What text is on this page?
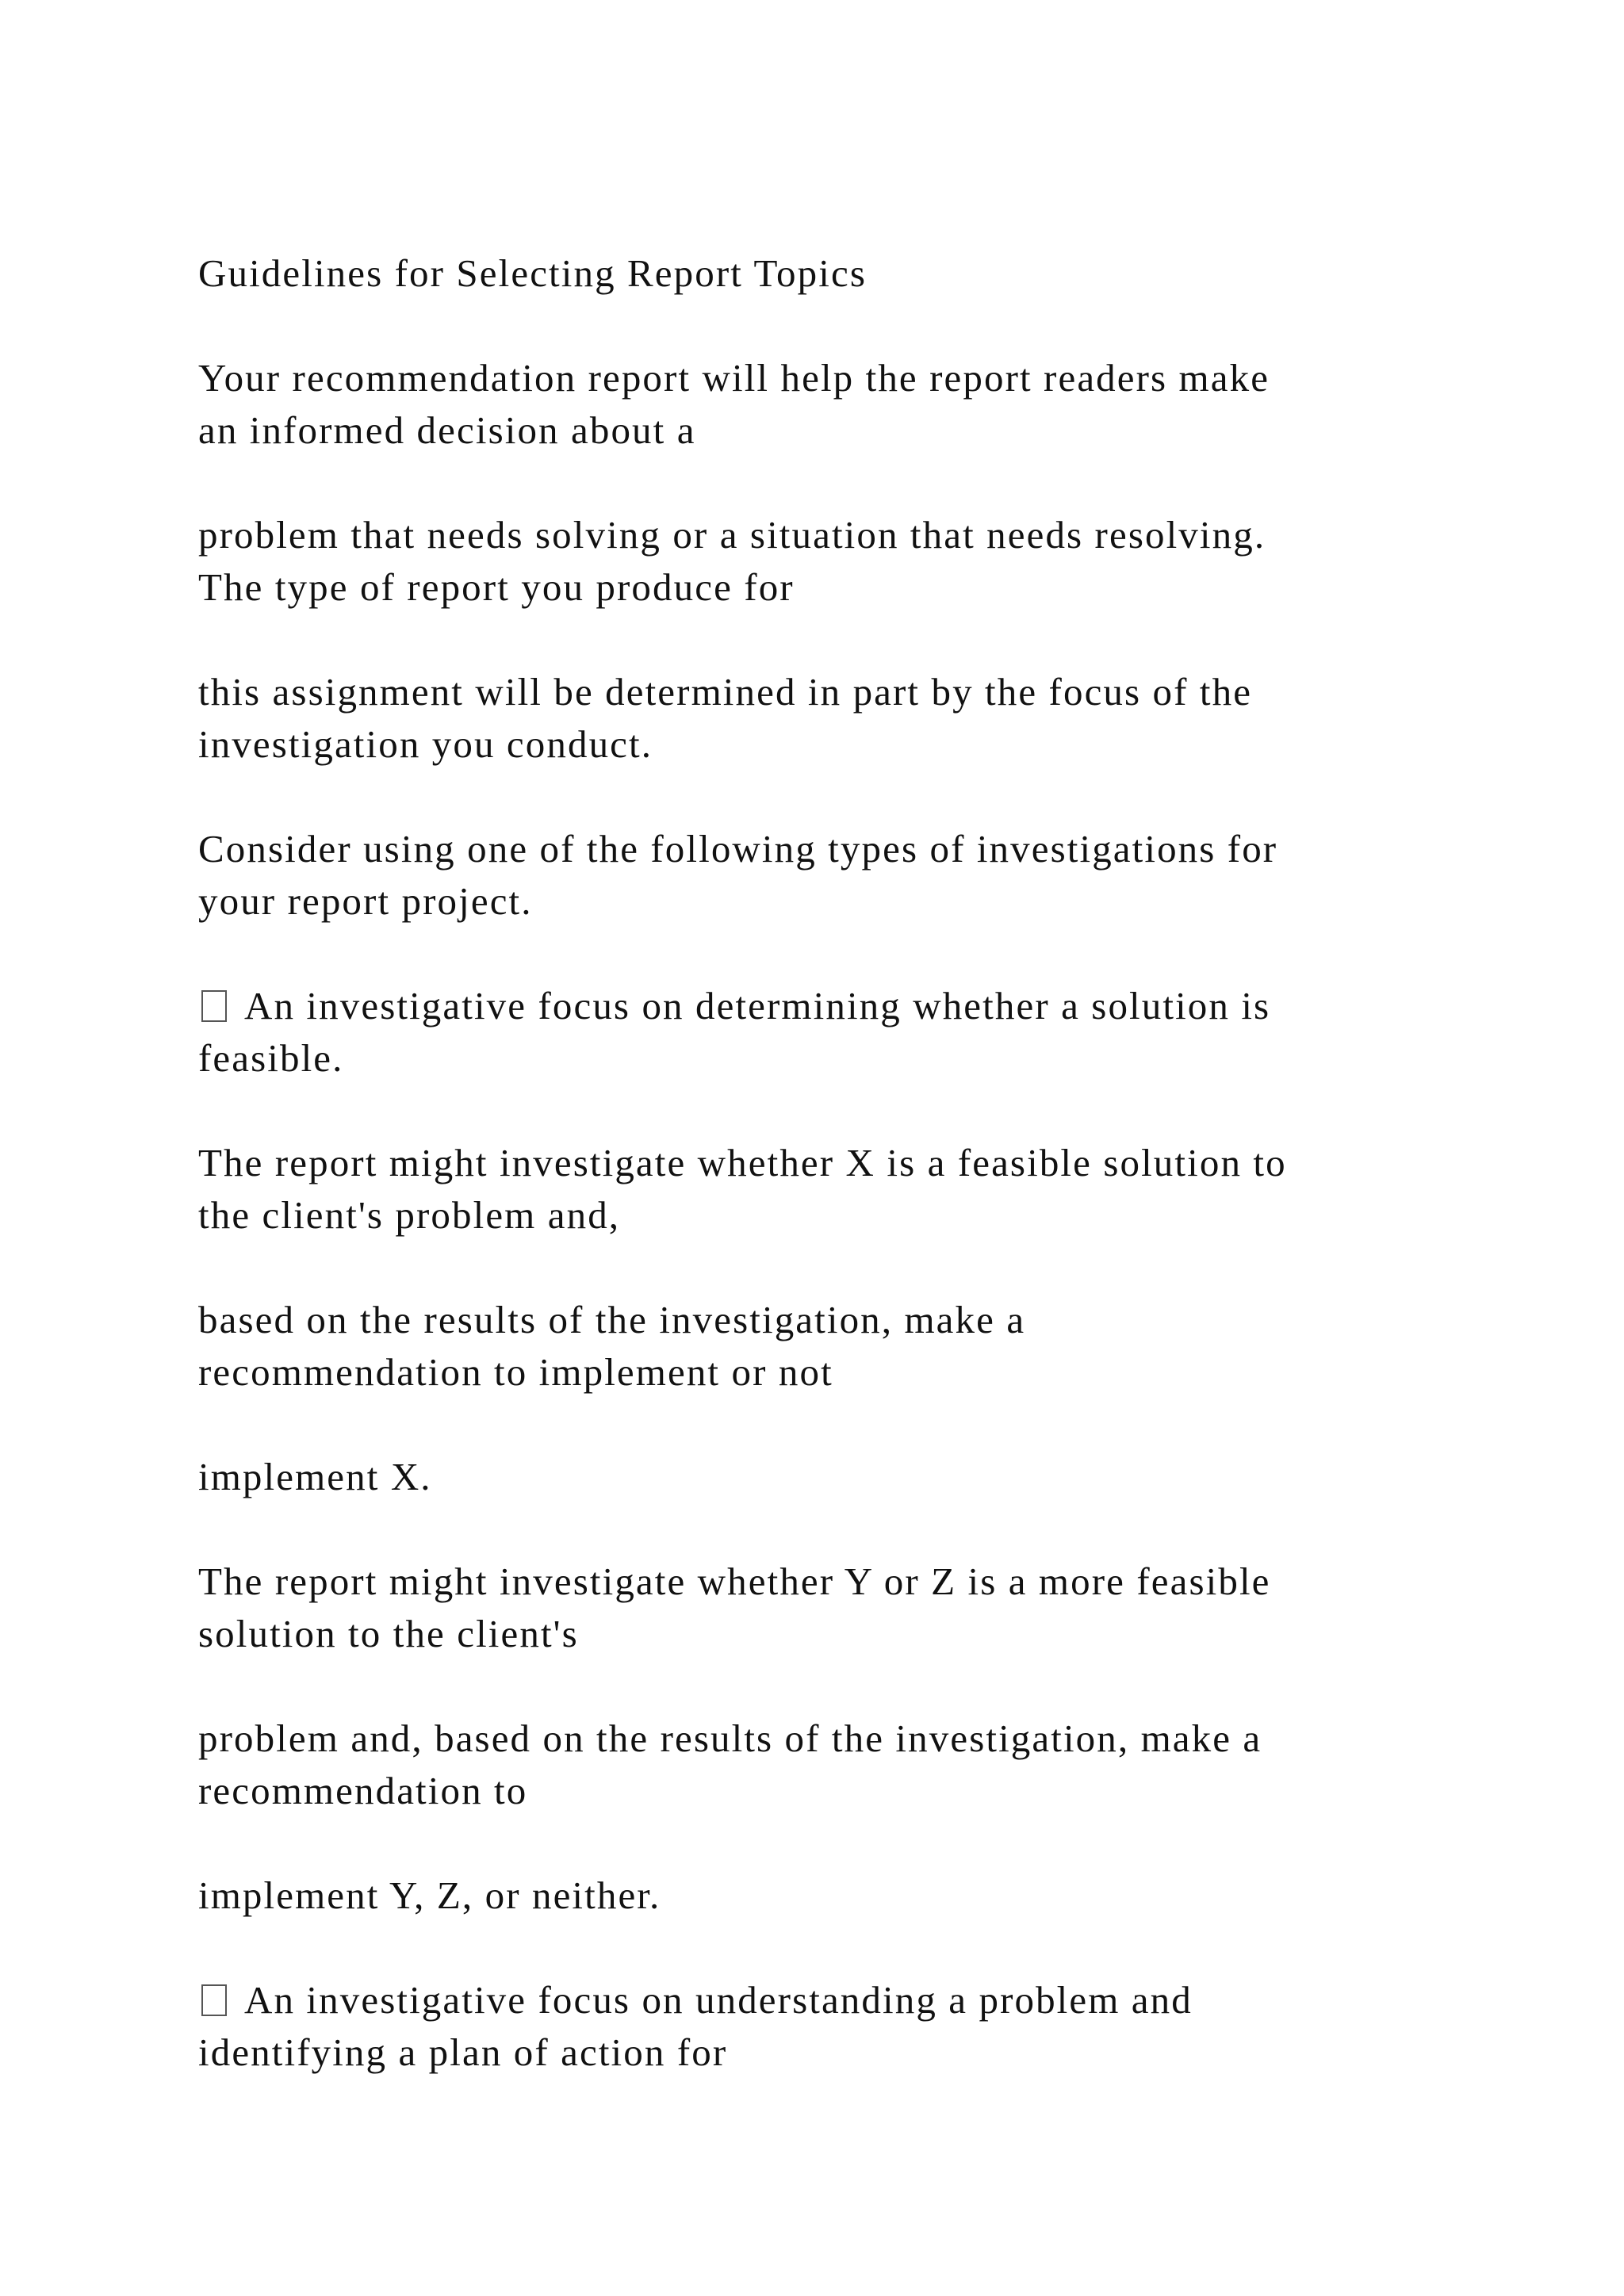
Guidelines for Selecting Report Topics

Your recommendation report will help the report readers make
an informed decision about a

problem that needs solving or a situation that needs resolving.
The type of report you produce for

this assignment will be determined in part by the focus of the
investigation you conduct.

Consider using one of the following types of investigations for
your report project.

An investigative focus on determining whether a solution is
feasible.

The report might investigate whether X is a feasible solution to
the client's problem and,

based on the results of the investigation, make a
recommendation to implement or not

implement X.

The report might investigate whether Y or Z is a more feasible
solution to the client's

problem and, based on the results of the investigation, make a
recommendation to

implement Y, Z, or neither.

An investigative focus on understanding a problem and
identifying a plan of action for
